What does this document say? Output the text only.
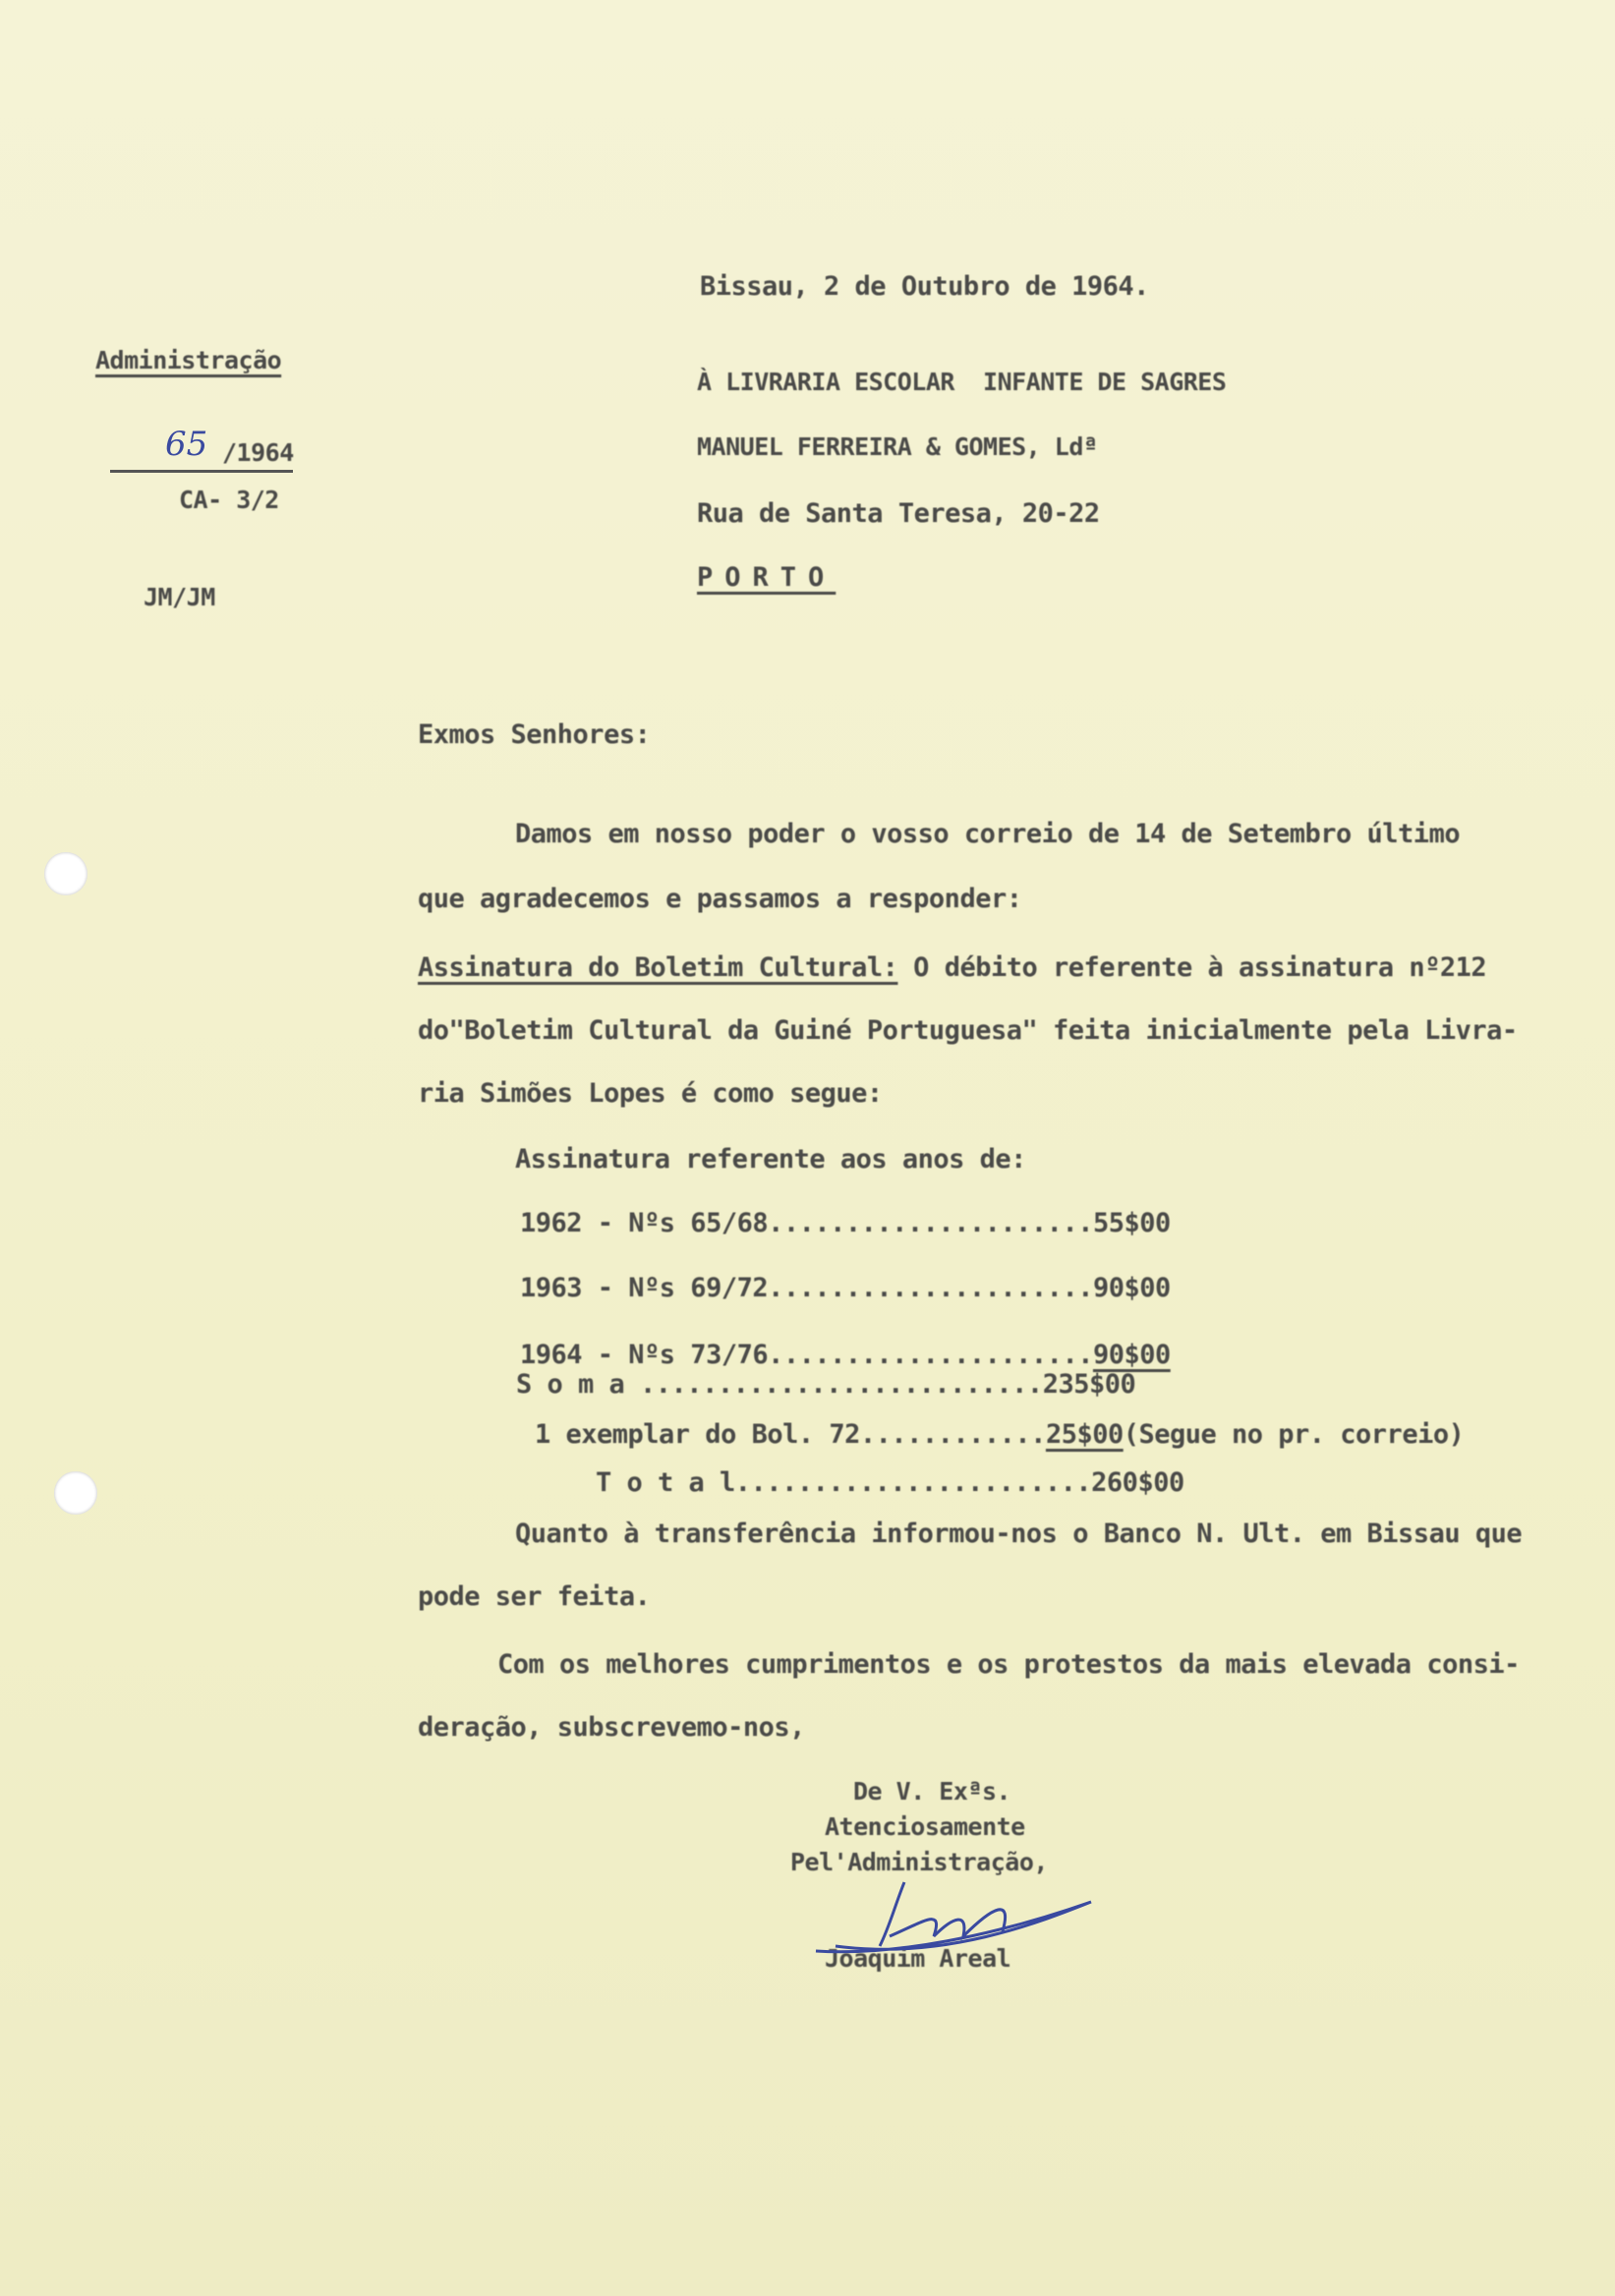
Bissau, 2 de Outubro de 1964.
Administração
65 /1964
CA- 3/2
JM/JM
À LIVRARIA ESCOLAR  INFANTE DE SAGRES
MANUEL FERREIRA & GOMES, Ldª
Rua de Santa Teresa, 20-22
PORTO
Exmos Senhores:
Damos em nosso poder o vosso correio de 14 de Setembro último
que agradecemos e passamos a responder:
Assinatura do Boletim Cultural: O débito referente à assinatura nº212
do"Boletim Cultural da Guiné Portuguesa" feita inicialmente pela Livra-
ria Simões Lopes é como segue:
Assinatura referente aos anos de:
1962 - Nºs 65/68.....................55$00
1963 - Nºs 69/72.....................90$00
1964 - Nºs 73/76.....................90$00
S o m a ..........................235$00
1 exemplar do Bol. 72............25$00(Segue no pr. correio)
T o t a l.......................260$00
Quanto à transferência informou-nos o Banco N. Ult. em Bissau que
pode ser feita.
Com os melhores cumprimentos e os protestos da mais elevada consi-
deração, subscrevemo-nos,
De V. Exªs.
Atenciosamente
Pel'Administração,
Joaquim Areal
